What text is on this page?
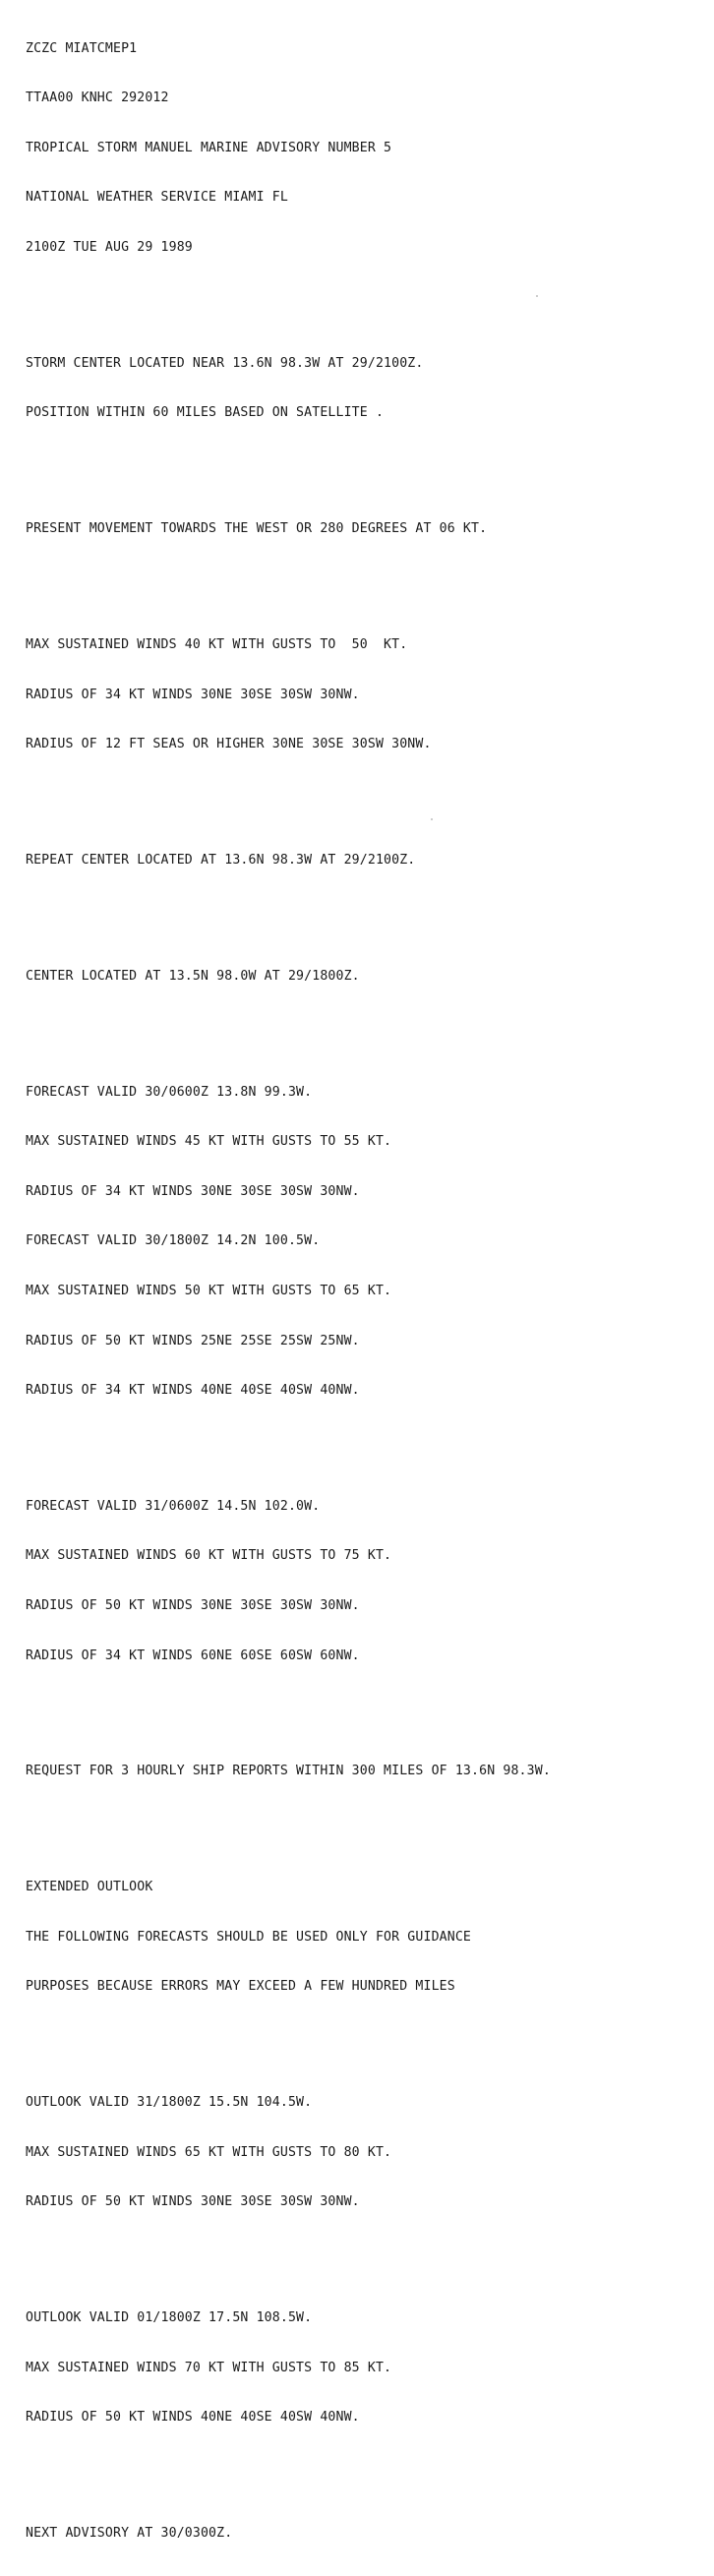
ZCZC MIATCMEP1

TTAA00 KNHC 292012

TROPICAL STORM MANUEL MARINE ADVISORY NUMBER 5

NATIONAL WEATHER SERVICE MIAMI FL

2100Z TUE AUG 29 1989

STORM CENTER LOCATED NEAR 13.6N 98.3W AT 29/2100Z.

POSITION WITHIN 60 MILES BASED ON SATELLITE .

PRESENT MOVEMENT TOWARDS THE WEST OR 280 DEGREES AT 06 KT.

MAX SUSTAINED WINDS 40 KT WITH GUSTS TO  50  KT.

RADIUS OF 34 KT WINDS 30NE 30SE 30SW 30NW.

RADIUS OF 12 FT SEAS OR HIGHER 30NE 30SE 30SW 30NW.

REPEAT CENTER LOCATED AT 13.6N 98.3W AT 29/2100Z.

CENTER LOCATED AT 13.5N 98.0W AT 29/1800Z.

FORECAST VALID 30/0600Z 13.8N 99.3W.

MAX SUSTAINED WINDS 45 KT WITH GUSTS TO 55 KT.

RADIUS OF 34 KT WINDS 30NE 30SE 30SW 30NW.

FORECAST VALID 30/1800Z 14.2N 100.5W.

MAX SUSTAINED WINDS 50 KT WITH GUSTS TO 65 KT.

RADIUS OF 50 KT WINDS 25NE 25SE 25SW 25NW.

RADIUS OF 34 KT WINDS 40NE 40SE 40SW 40NW.

FORECAST VALID 31/0600Z 14.5N 102.0W.

MAX SUSTAINED WINDS 60 KT WITH GUSTS TO 75 KT.

RADIUS OF 50 KT WINDS 30NE 30SE 30SW 30NW.

RADIUS OF 34 KT WINDS 60NE 60SE 60SW 60NW.

REQUEST FOR 3 HOURLY SHIP REPORTS WITHIN 300 MILES OF 13.6N 98.3W.

EXTENDED OUTLOOK

THE FOLLOWING FORECASTS SHOULD BE USED ONLY FOR GUIDANCE

PURPOSES BECAUSE ERRORS MAY EXCEED A FEW HUNDRED MILES

OUTLOOK VALID 31/1800Z 15.5N 104.5W.

MAX SUSTAINED WINDS 65 KT WITH GUSTS TO 80 KT.

RADIUS OF 50 KT WINDS 30NE 30SE 30SW 30NW.

OUTLOOK VALID 01/1800Z 17.5N 108.5W.

MAX SUSTAINED WINDS 70 KT WITH GUSTS TO 85 KT.

RADIUS OF 50 KT WINDS 40NE 40SE 40SW 40NW.

NEXT ADVISORY AT 30/0300Z.
